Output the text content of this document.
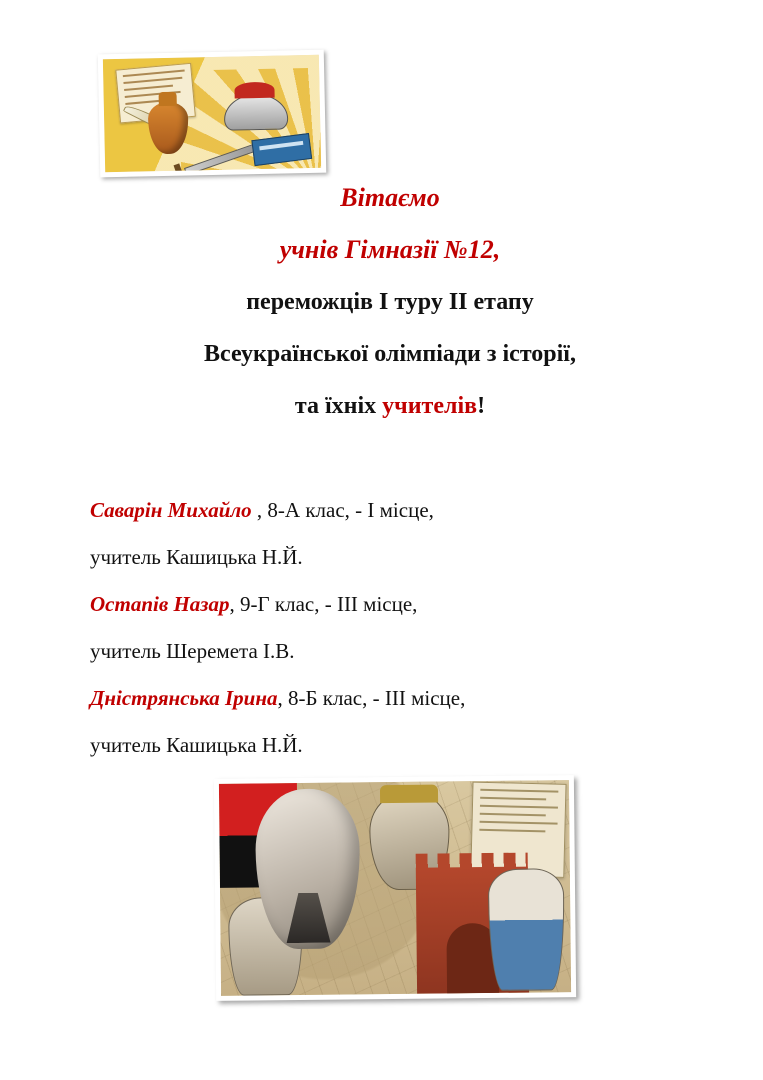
Вітаємо
учнів Гімназії №12,
переможців I туру II етапу
Всеукраїнської олімпіади з історії,
та їхніх учителів!
Саварін Михайло , 8-А клас, - I місце,
учитель Кашицька Н.Й.
Остапів Назар, 9-Г клас, - III місце,
учитель Шеремета І.В.
Дністрянська Ірина, 8-Б клас, - III місце,
учитель Кашицька Н.Й.
